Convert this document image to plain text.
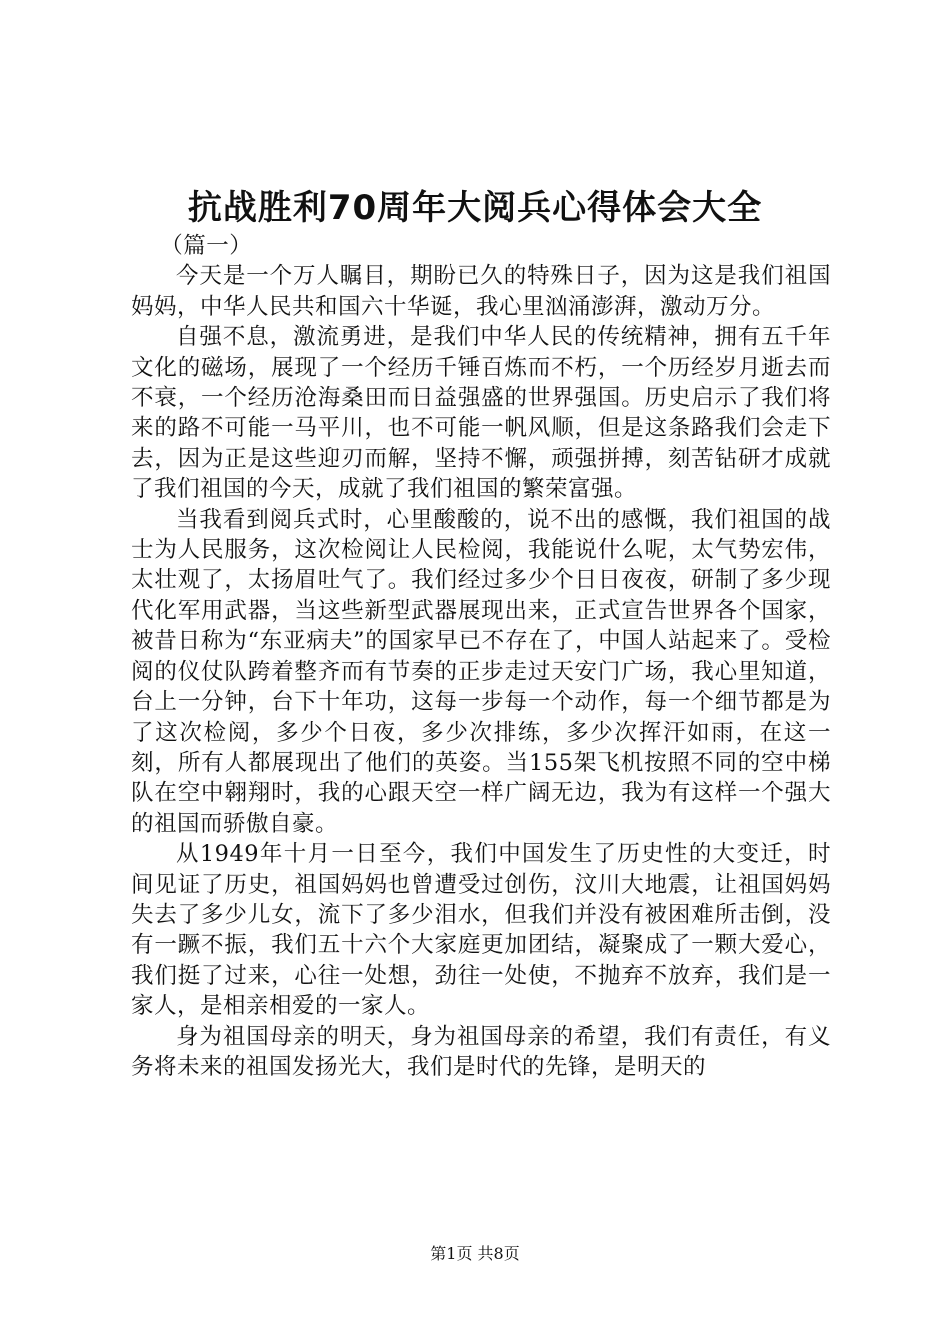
抗战胜利70周年大阅兵心得体会大全

（篇一）

今天是一个万人瞩目，期盼已久的特殊日子，因为这是我们祖国妈妈，中华人民共和国六十华诞，我心里汹涌澎湃，激动万分。

自强不息，激流勇进，是我们中华人民的传统精神，拥有五千年文化的磁场，展现了一个经历千锤百炼而不朽，一个历经岁月逝去而不衰，一个经历沧海桑田而日益强盛的世界强国。历史启示了我们将来的路不可能一马平川，也不可能一帆风顺，但是这条路我们会走下去，因为正是这些迎刃而解，坚持不懈，顽强拼搏，刻苦钻研才成就了我们祖国的今天，成就了我们祖国的繁荣富强。

当我看到阅兵式时，心里酸酸的，说不出的感慨，我们祖国的战士为人民服务，这次检阅让人民检阅，我能说什么呢，太气势宏伟，太壮观了，太扬眉吐气了。我们经过多少个日日夜夜，研制了多少现代化军用武器，当这些新型武器展现出来，正式宣告世界各个国家，被昔日称为“东亚病夫”的国家早已不存在了，中国人站起来了。受检阅的仪仗队跨着整齐而有节奏的正步走过天安门广场，我心里知道，台上一分钟，台下十年功，这每一步每一个动作，每一个细节都是为了这次检阅，多少个日夜，多少次排练，多少次挥汗如雨，在这一刻，所有人都展现出了他们的英姿。当155架飞机按照不同的空中梯队在空中翱翔时，我的心跟天空一样广阔无边，我为有这样一个强大的祖国而骄傲自豪。

从1949年十月一日至今，我们中国发生了历史性的大变迁，时间见证了历史，祖国妈妈也曾遭受过创伤，汶川大地震，让祖国妈妈失去了多少儿女，流下了多少泪水，但我们并没有被困难所击倒，没有一蹶不振，我们五十六个大家庭更加团结，凝聚成了一颗大爱心，我们挺了过来，心往一处想，劲往一处使，不抛弃不放弃，我们是一家人，是相亲相爱的一家人。

身为祖国母亲的明天，身为祖国母亲的希望，我们有责任，有义务将未来的祖国发扬光大，我们是时代的先锋，是明天的

第1页 共8页
